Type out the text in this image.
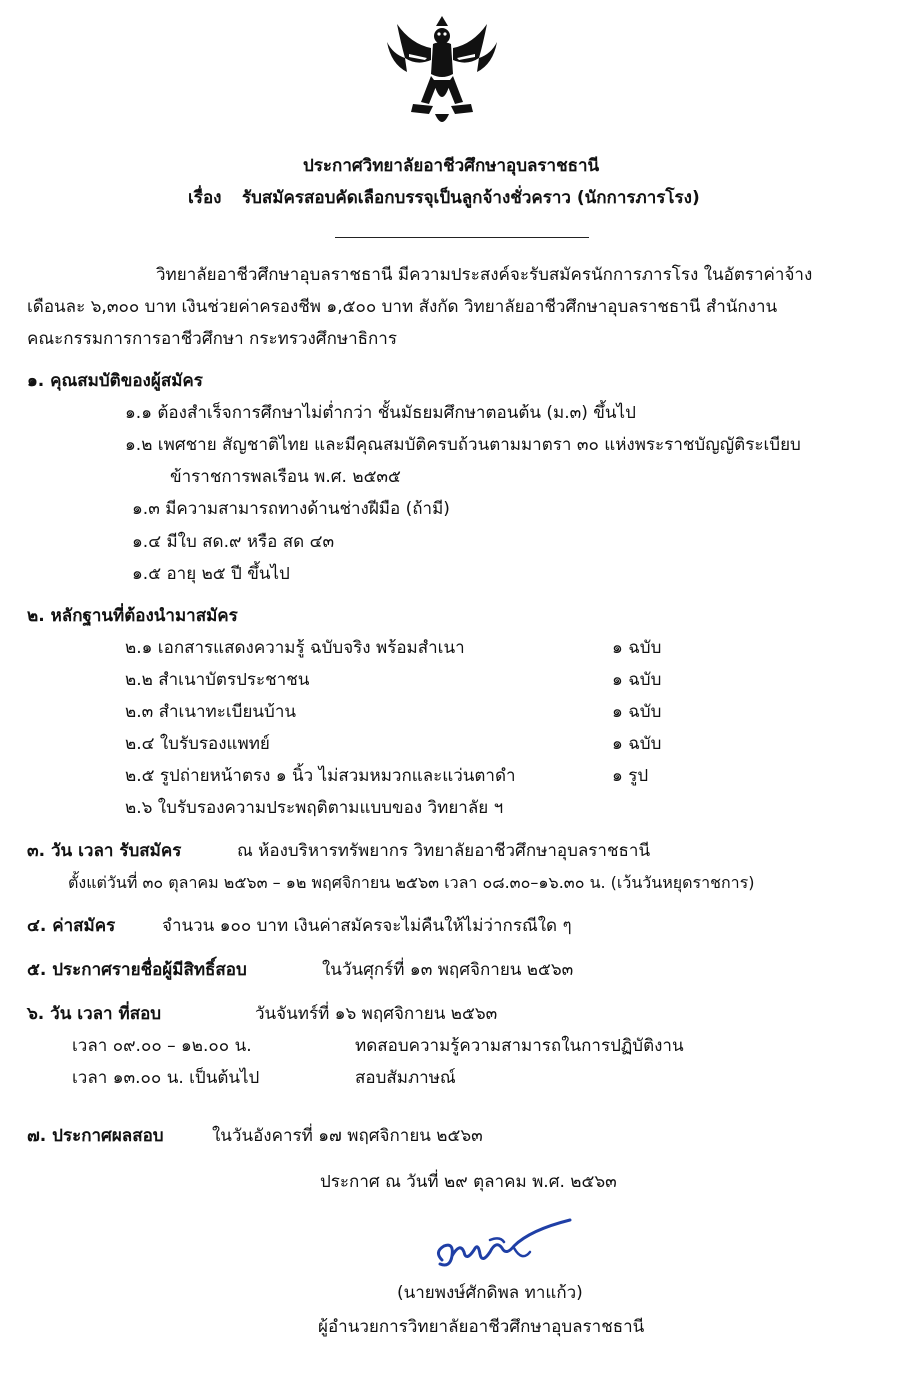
ประกาศวิทยาลัยอาชีวศึกษาอุบลราชธานี
เรื่อง รับสมัครสอบคัดเลือกบรรจุเป็นลูกจ้างชั่วคราว (นักการภารโรง)
วิทยาลัยอาชีวศึกษาอุบลราชธานี มีความประสงค์จะรับสมัครนักการภารโรง ในอัตราค่าจ้าง
เดือนละ ๖,๓๐๐ บาท เงินช่วยค่าครองชีพ ๑,๕๐๐ บาท สังกัด วิทยาลัยอาชีวศึกษาอุบลราชธานี สำนักงาน
คณะกรรมการการอาชีวศึกษา กระทรวงศึกษาธิการ
๑. คุณสมบัติของผู้สมัคร
๑.๑ ต้องสำเร็จการศึกษาไม่ต่ำกว่า ชั้นมัธยมศึกษาตอนต้น (ม.๓) ขึ้นไป
๑.๒ เพศชาย สัญชาติไทย และมีคุณสมบัติครบถ้วนตามมาตรา ๓๐ แห่งพระราชบัญญัติระเบียบ
ข้าราชการพลเรือน พ.ศ. ๒๕๓๕
๑.๓ มีความสามารถทางด้านช่างฝีมือ (ถ้ามี)
๑.๔ มีใบ สด.๙ หรือ สด ๔๓
๑.๕ อายุ ๒๕ ปี ขึ้นไป
๒. หลักฐานที่ต้องนำมาสมัคร
๒.๑ เอกสารแสดงความรู้ ฉบับจริง พร้อมสำเนา	๑ ฉบับ
๒.๒ สำเนาบัตรประชาชน	๑ ฉบับ
๒.๓ สำเนาทะเบียนบ้าน	๑ ฉบับ
๒.๔ ใบรับรองแพทย์	๑ ฉบับ
๒.๕ รูปถ่ายหน้าตรง ๑ นิ้ว ไม่สวมหมวกและแว่นตาดำ	๑ รูป
๒.๖ ใบรับรองความประพฤติตามแบบของ วิทยาลัย ฯ
๓. วัน เวลา รับสมัคร	ณ ห้องบริหารทรัพยากร วิทยาลัยอาชีวศึกษาอุบลราชธานี
ตั้งแต่วันที่ ๓๐ ตุลาคม ๒๕๖๓ – ๑๒ พฤศจิกายน ๒๕๖๓ เวลา ๐๘.๓๐–๑๖.๓๐ น. (เว้นวันหยุดราชการ)
๔. ค่าสมัคร	จำนวน ๑๐๐ บาท เงินค่าสมัครจะไม่คืนให้ไม่ว่ากรณีใด ๆ
๕. ประกาศรายชื่อผู้มีสิทธิ์สอบ	ในวันศุกร์ที่ ๑๓ พฤศจิกายน ๒๕๖๓
๖. วัน เวลา ที่สอบ	วันจันทร์ที่ ๑๖ พฤศจิกายน ๒๕๖๓
เวลา ๐๙.๐๐ – ๑๒.๐๐ น.	ทดสอบความรู้ความสามารถในการปฏิบัติงาน
เวลา ๑๓.๐๐ น. เป็นต้นไป	สอบสัมภาษณ์
๗. ประกาศผลสอบ	ในวันอังคารที่ ๑๗ พฤศจิกายน ๒๕๖๓
ประกาศ ณ วันที่ ๒๙ ตุลาคม พ.ศ. ๒๕๖๓
(นายพงษ์ศักดิพล ทาแก้ว)
ผู้อำนวยการวิทยาลัยอาชีวศึกษาอุบลราชธานี
